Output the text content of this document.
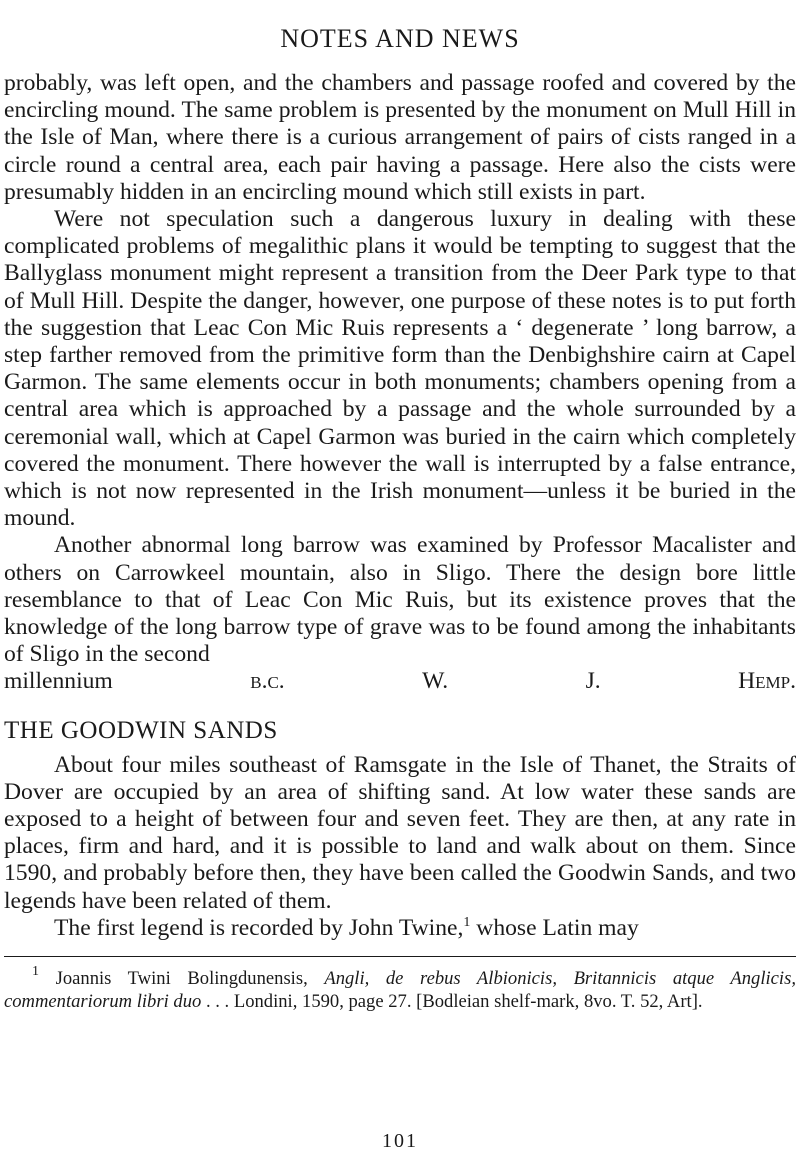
NOTES AND NEWS

probably, was left open, and the chambers and passage roofed and covered by the encircling mound. The same problem is presented by the monument on Mull Hill in the Isle of Man, where there is a curious arrangement of pairs of cists ranged in a circle round a central area, each pair having a passage. Here also the cists were presumably hidden in an encircling mound which still exists in part.

Were not speculation such a dangerous luxury in dealing with these complicated problems of megalithic plans it would be tempting to suggest that the Ballyglass monument might represent a transition from the Deer Park type to that of Mull Hill. Despite the danger, however, one purpose of these notes is to put forth the suggestion that Leac Con Mic Ruis represents a ‘ degenerate ’ long barrow, a step farther removed from the primitive form than the Denbighshire cairn at Capel Garmon. The same elements occur in both monuments; chambers opening from a central area which is approached by a passage and the whole surrounded by a ceremonial wall, which at Capel Garmon was buried in the cairn which completely covered the monument. There however the wall is interrupted by a false entrance, which is not now represented in the Irish monument—unless it be buried in the mound.

Another abnormal long barrow was examined by Professor Macalister and others on Carrowkeel mountain, also in Sligo. There the design bore little resemblance to that of Leac Con Mic Ruis, but its existence proves that the knowledge of the long barrow type of grave was to be found among the inhabitants of Sligo in the second

millennium	b.c.	W. J. Hemp.

THE GOODWIN SANDS

About four miles southeast of Ramsgate in the Isle of Thanet, the Straits of Dover are occupied by an area of shifting sand. At low water these sands are exposed to a height of between four and seven feet. They are then, at any rate in places, firm and hard, and it is possible to land and walk about on them. Since 1590, and probably before then, they have been called the Goodwin Sands, and two legends have been related of them.

The first legend is recorded by John Twine,$^1$ whose Latin may

$^1$ Joannis Twini Bolingdunensis, Angli, de rebus Albionicis, Britannicis atque Anglicis, commentariorum libri duo . . . Londini, 1590, page 27. [Bodleian shelf-mark, 8vo. T. 52, Art].
101
